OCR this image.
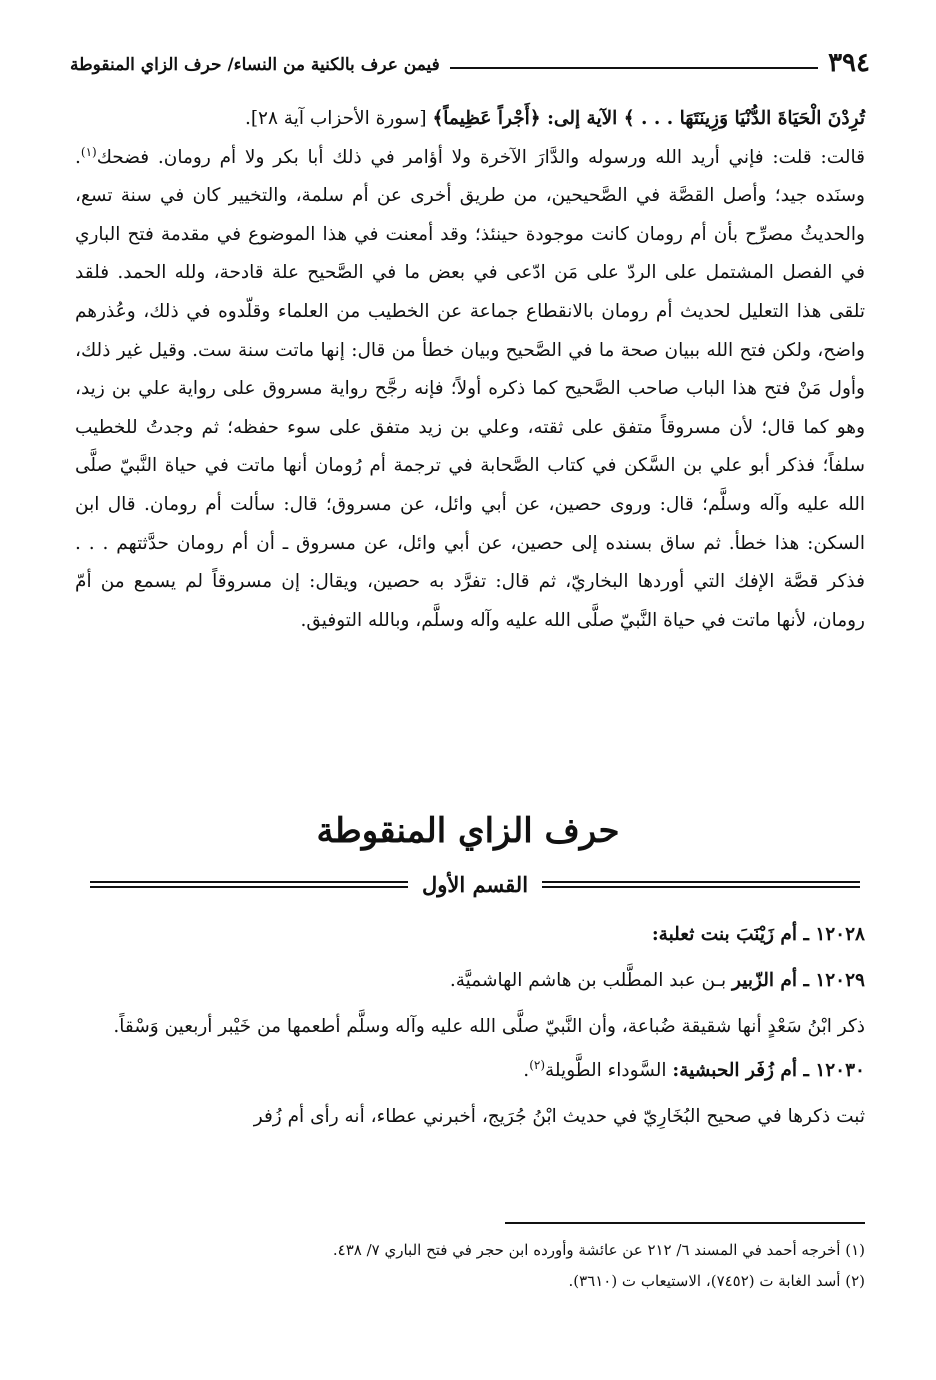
٣٩٤
فيمن عرف بالكنية من النساء/ حرف الزاي المنقوطة

تُرِدْنَ الْحَيَاةَ الدُّنْيَا وَزِينَتَهَا . . . ﴾ الآية إلى: ﴿أَجْراً عَظِيماً﴾ [سورة الأحزاب آية ٢٨].

قالت: قلت: فإني أريد الله ورسوله والدَّارَ الآخرة ولا أؤامر في ذلك أبا بكر ولا أم رومان. فضحك$^{(١)}$. وسنَده جيد؛ وأصل القصَّة في الصَّحيحين، من طريق أخرى عن أم سلمة، والتخيير كان في سنة تسع، والحديثُ مصرِّح بأن أم رومان كانت موجودة حينئذ؛ وقد أمعنت في هذا الموضوع في مقدمة فتح الباري في الفصل المشتمل على الردّ على مَن ادّعى في بعض ما في الصَّحيح علة قادحة، ولله الحمد. فلقد تلقى هذا التعليل لحديث أم رومان بالانقطاع جماعة عن الخطيب من العلماء وقلّدوه في ذلك، وعُذرهم واضح، ولكن فتح الله ببيان صحة ما في الصَّحيح وبيان خطأ من قال: إنها ماتت سنة ست. وقيل غير ذلك، وأول مَنْ فتح هذا الباب صاحب الصَّحيح كما ذكره أولاً؛ فإنه رجَّح رواية مسروق على رواية علي بن زيد، وهو كما قال؛ لأن مسروقاً متفق على ثقته، وعلي بن زيد متفق على سوء حفظه؛ ثم وجدتُ للخطيب سلفاً؛ فذكر أبو علي بن السَّكن في كتاب الصَّحابة في ترجمة أم رُومان أنها ماتت في حياة النَّبيّ صلَّى الله عليه وآله وسلَّم؛ قال: وروى حصين، عن أبي وائل، عن مسروق؛ قال: سألت أم رومان. قال ابن السكن: هذا خطأ. ثم ساق بسنده إلى حصين، عن أبي وائل، عن مسروق ـ أن أم رومان حدَّثتهم . . . فذكر قصَّة الإفك التي أوردها البخاريّ، ثم قال: تفرَّد به حصين، ويقال: إن مسروقاً لم يسمع من أمّ رومان، لأنها ماتت في حياة النَّبيّ صلَّى الله عليه وآله وسلَّم، وبالله التوفيق.

حرف الزاي المنقوطة
القسم الأول

١٢٠٢٨ ـ أم زَيْنَبَ بنت ثعلبة:

١٢٠٢٩ ـ أم الزّبير بـن عبد المطَّلب بن هاشم الهاشميَّة.

ذكر ابْنُ سَعْدٍ أنها شقيقة ضُباعة، وأن النَّبيّ صلَّى الله عليه وآله وسلَّم أطعمها من خَيْبر أربعين وَسْقاً.

١٢٠٣٠ ـ أم زُفَر الحبشية: السَّوداء الطَّويلة$^{(٢)}$.

ثبت ذكرها في صحيح البُخَارِيّ في حديث ابْنُ جُرَيج، أخبرني عطاء، أنه رأى أم زُفر

(١) أخرجه أحمد في المسند ٦/ ٢١٢ عن عائشة وأورده ابن حجر في فتح الباري ٧/ ٤٣٨.

(٢) أسد الغابة ت (٧٤٥٢)، الاستيعاب ت (٣٦١٠).
